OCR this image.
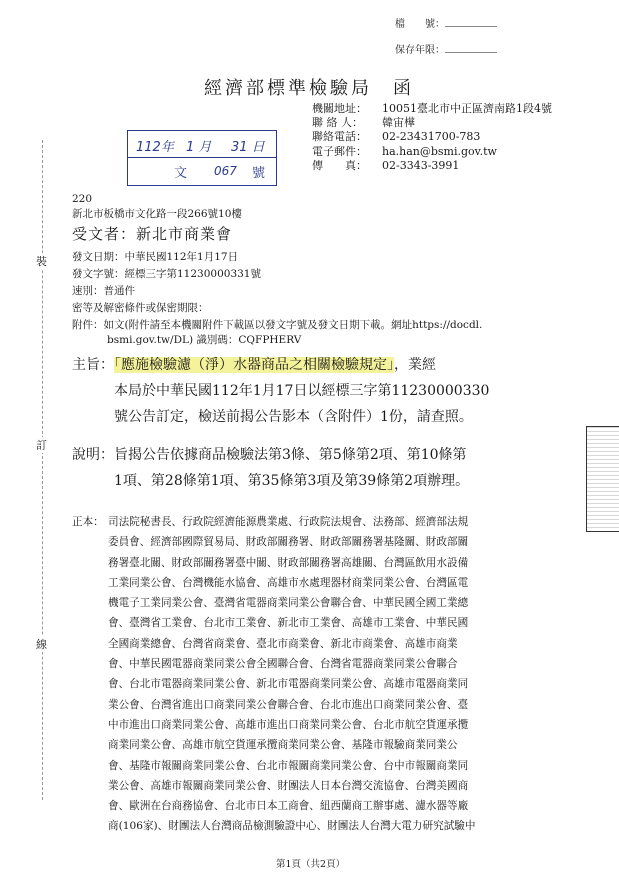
檔　　號：
保存年限：
經濟部標準檢驗局　函
機關地址： 10051臺北市中正區濟南路1段4號
聯 絡 人： 韓宙樺
聯絡電話： 02-23431700-783
電子郵件： ha.han@bsmi.gov.tw
傳　　真： 02-3343-3991
112年 1 月 31 日
文 067 號
220
新北市板橋市文化路一段266號10樓
受文者：新北市商業會
發文日期：中華民國112年1月17日
發文字號：經標三字第11230000331號
速別：普通件
密等及解密條件或保密期限：
附件：如文(附件請至本機關附件下載區以發文字號及發文日期下載。網址https://docdl.
bsmi.gov.tw/DL) 識別碼：CQFPHERV
主旨：「應施檢驗濾（淨）水器商品之相關檢驗規定」，業經
本局於中華民國112年1月17日以經標三字第11230000330
號公告訂定，檢送前揭公告影本（含附件）1份，請查照。
說明：旨揭公告依據商品檢驗法第3條、第5條第2項、第10條第
1項、第28條第1項、第35條第3項及第39條第2項辦理。
正本： 司法院秘書長、行政院經濟能源農業處、行政院法規會、法務部、經濟部法規
委員會、經濟部國際貿易局、財政部關務署、財政部關務署基隆關、財政部關
務署臺北關、財政部關務署臺中關、財政部關務署高雄關、台灣區飲用水設備
工業同業公會、台灣機能水協會、高雄市水處理器材商業同業公會、台灣區電
機電子工業同業公會、臺灣省電器商業同業公會聯合會、中華民國全國工業總
會、臺灣省工業會、台北市工業會、新北市工業會、高雄市工業會、中華民國
全國商業總會、台灣省商業會、臺北市商業會、新北市商業會、高雄市商業
會、中華民國電器商業同業公會全國聯合會、台灣省電器商業同業公會聯合
會、台北市電器商業同業公會、新北市電器商業同業公會、高雄市電器商業同
業公會、台灣省進出口商業同業公會聯合會、台北市進出口商業同業公會、臺
中市進出口商業同業公會、高雄市進出口商業同業公會、台北市航空貨運承攬
商業同業公會、高雄市航空貨運承攬商業同業公會、基隆市報驗商業同業公
會、基隆市報關商業同業公會、台北市報關商業同業公會、台中市報關商業同
業公會、高雄市報關商業同業公會、財團法人日本台灣交流協會、台灣美國商
會、歐洲在台商務協會、台北市日本工商會、紐西蘭商工辦事處、濾水器等廠
商(106家)、財團法人台灣商品檢測驗證中心、財團法人台灣大電力研究試驗中
裝
訂
線
第1頁（共2頁）
